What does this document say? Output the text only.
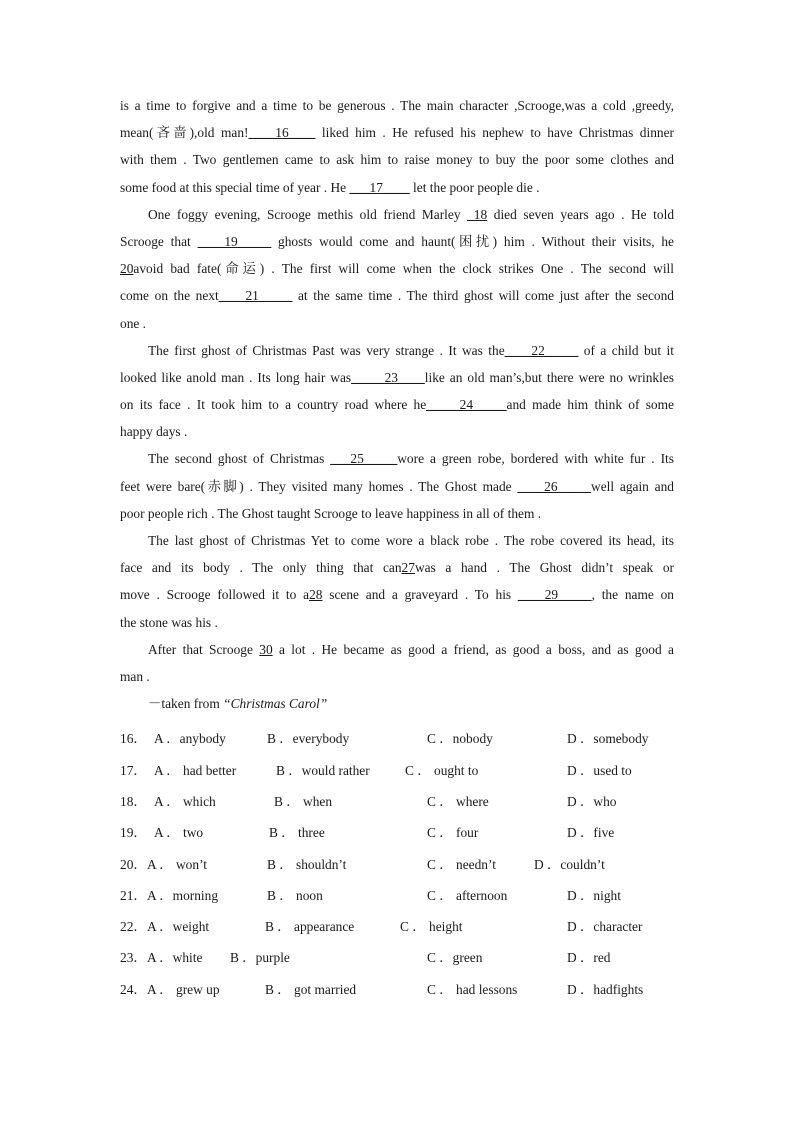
is a time to forgive and a time to be generous . The main character ,Scrooge,was a cold ,greedy,
mean(吝啬),old man!____16____ liked him . He refused his nephew to have Christmas dinner
with them . Two gentlemen came to ask him to raise money to buy the poor some clothes and
some food at this special time of year . He ___17____ let the poor people die .
One foggy evening, Scrooge methis old friend Marley _18 died seven years ago . He told
Scrooge that ____19_____ ghosts would come and haunt(困扰) him . Without their visits, he
20avoid bad fate(命运) . The first will come when the clock strikes One . The second will
come on the next____21_____ at the same time . The third ghost will come just after the second
one .
The first ghost of Christmas Past was very strange . It was the____22_____ of a child but it
looked like anold man . Its long hair was_____23____like an old man’s,but there were no wrinkles
on its face . It took him to a country road where he_____24_____and made him think of some
happy days .
The second ghost of Christmas ___25_____wore a green robe, bordered with white fur . Its
feet were bare(赤脚) . They visited many homes . The Ghost made ____26_____well again and
poor people rich . The Ghost taught Scrooge to leave happiness in all of them .
The last ghost of Christmas Yet to come wore a black robe . The robe covered its head, its
face and its body . The only thing that can27was a hand . The Ghost didn’t speak or
move . Scrooge followed it to a28 scene and a graveyard . To his ____29_____, the name on
the stone was his .
After that Scrooge 30 a lot . He became as good a friend, as good a boss, and as good a
man .
－taken from “Christmas Carol”
16． A ．anybody	B ．everybody	C ．nobody	D ．somebody
17． A ． had better	B ．would rather	C ． ought to	D ．used to
18． A ． which	B ． when	C ． where	D ．who
19． A ． two	B ． three	C ． four	D ．five
20． A ． won’t	B ． shouldn’t	C ． needn’t	D ．couldn’t
21． A ．morning	B ． noon	C ． afternoon	D ．night
22． A ．weight	B ． appearance	C ． height	D ．character
23． A ．white B ．purple	C ．green	D ．red
24． A ． grew up	B ． got married	C ． had lessons	D ．hadfights
